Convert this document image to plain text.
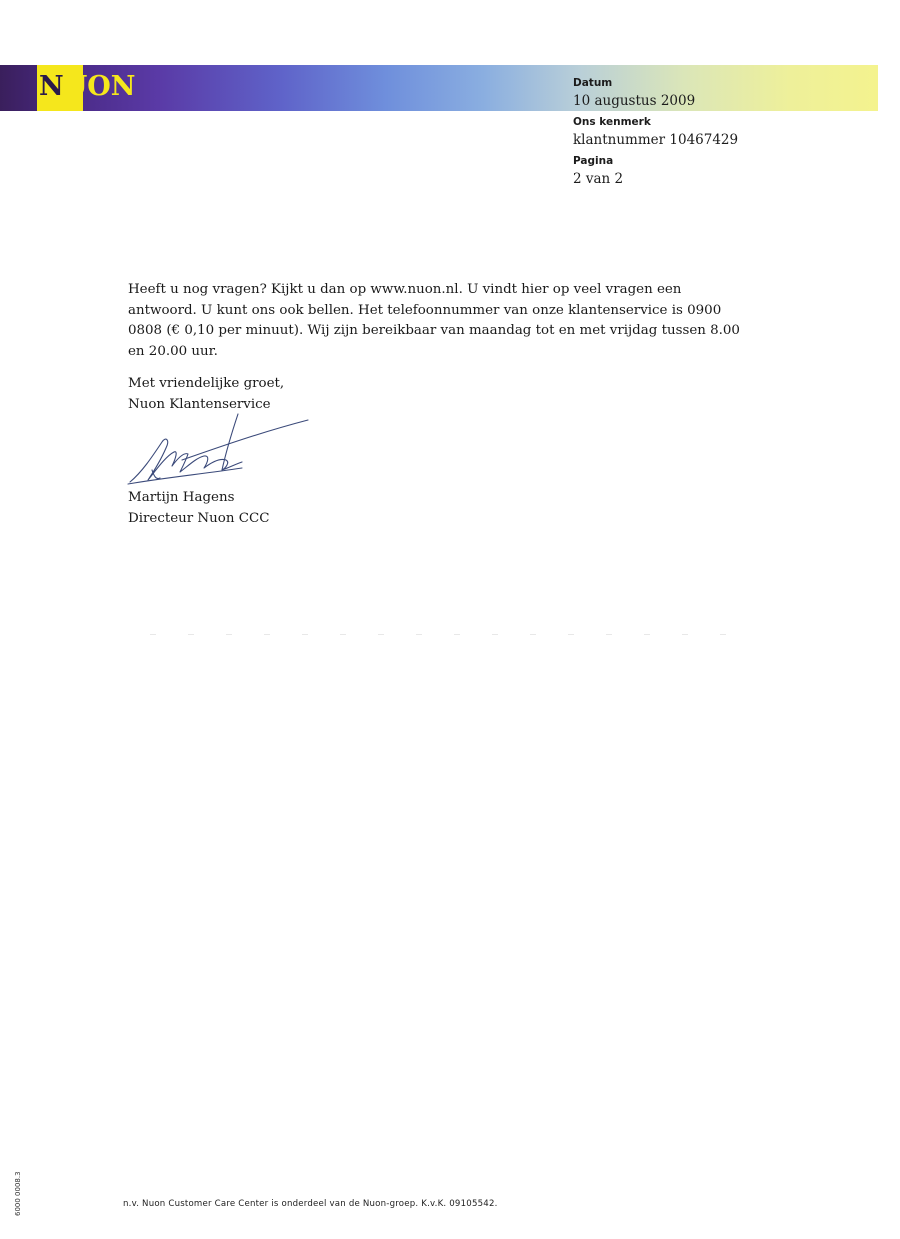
NUON	Datum
10 augustus 2009
Ons kenmerk
klantnummer 10467429
Pagina
2 van 2
Heeft u nog vragen? Kijkt u dan op www.nuon.nl. U vindt hier op veel vragen een antwoord. U kunt ons ook bellen. Het telefoonnummer van onze klantenservice is 0900 0808 (€ 0,10 per minuut). Wij zijn bereikbaar van maandag tot en met vrijdag tussen 8.00 en 20.00 uur.
Met vriendelijke groet,
Nuon Klantenservice
Martijn Hagens
Directeur Nuon CCC
n.v. Nuon Customer Care Center is onderdeel van de Nuon-groep. K.v.K. 09105542.
6000 0008.3
